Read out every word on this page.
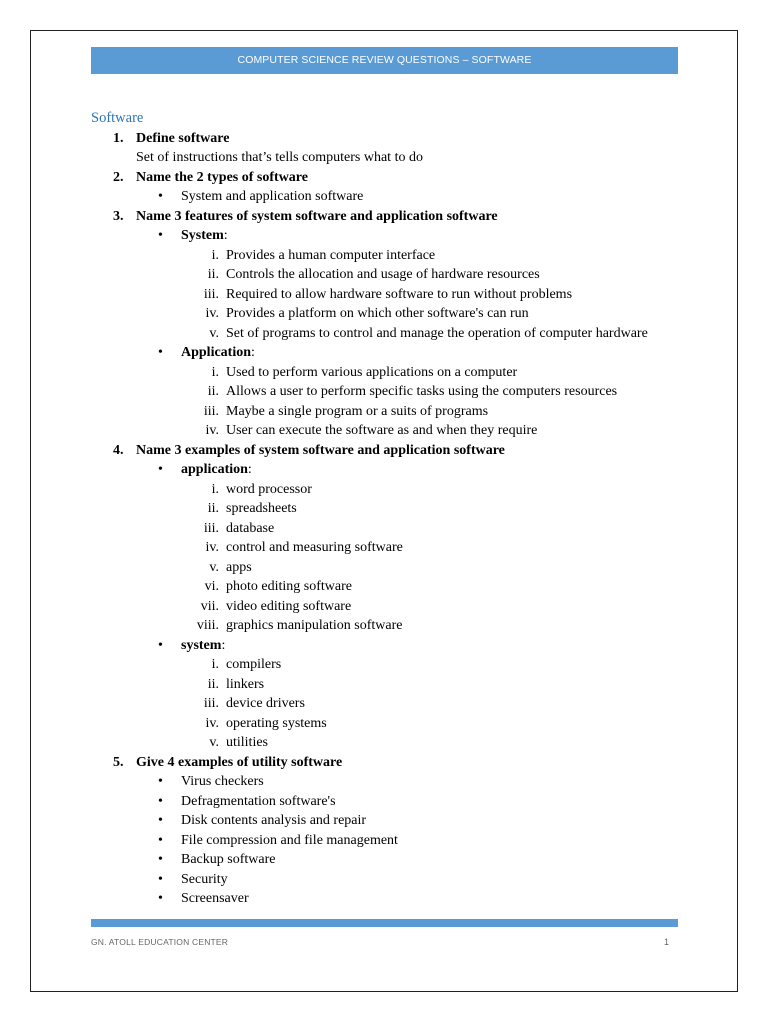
COMPUTER SCIENCE REVIEW QUESTIONS – SOFTWARE
Software
1. Define software
Set of instructions that’s tells computers what to do
2. Name the 2 types of software
• System and application software
3. Name 3 features of system software and application software
• System:
i. Provides a human computer interface
ii. Controls the allocation and usage of hardware resources
iii. Required to allow hardware software to run without problems
iv. Provides a platform on which other software's can run
v. Set of programs to control and manage the operation of computer hardware
• Application:
i. Used to perform various applications on a computer
ii. Allows a user to perform specific tasks using the computers resources
iii. Maybe a single program or a suits of programs
iv. User can execute the software as and when they require
4. Name 3 examples of system software and application software
• application:
i. word processor
ii. spreadsheets
iii. database
iv. control and measuring software
v. apps
vi. photo editing software
vii. video editing software
viii. graphics manipulation software
• system:
i. compilers
ii. linkers
iii. device drivers
iv. operating systems
v. utilities
5. Give 4 examples of utility software
• Virus checkers
• Defragmentation software's
• Disk contents analysis and repair
• File compression and file management
• Backup software
• Security
• Screensaver
GN. ATOLL EDUCATION CENTER	1
